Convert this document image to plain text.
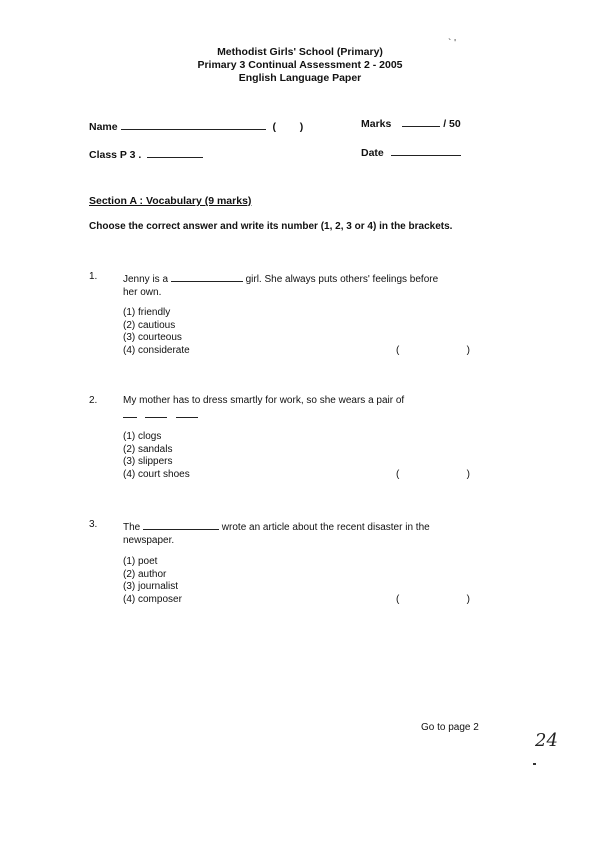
Methodist Girls' School (Primary)
Primary 3 Continual Assessment 2 - 2005
English Language Paper
` '
Name	( )	Marks	/ 50
Class P 3 .	Date
Section A : Vocabulary (9 marks)
Choose the correct answer and write its number (1, 2, 3 or 4) in the brackets.
1.	Jenny is a	girl. She always puts others' feelings before
her own.
(1) friendly
(2) cautious
(3) courteous
(4) considerate	(	)
2.	My mother has to dress smartly for work, so she wears a pair of

(1) clogs
(2) sandals
(3) slippers
(4) court shoes	(	)
3.	The	wrote an article about the recent disaster in the
newspaper.
(1) poet
(2) author
(3) journalist
(4) composer	(	)
Go to page 2
24
